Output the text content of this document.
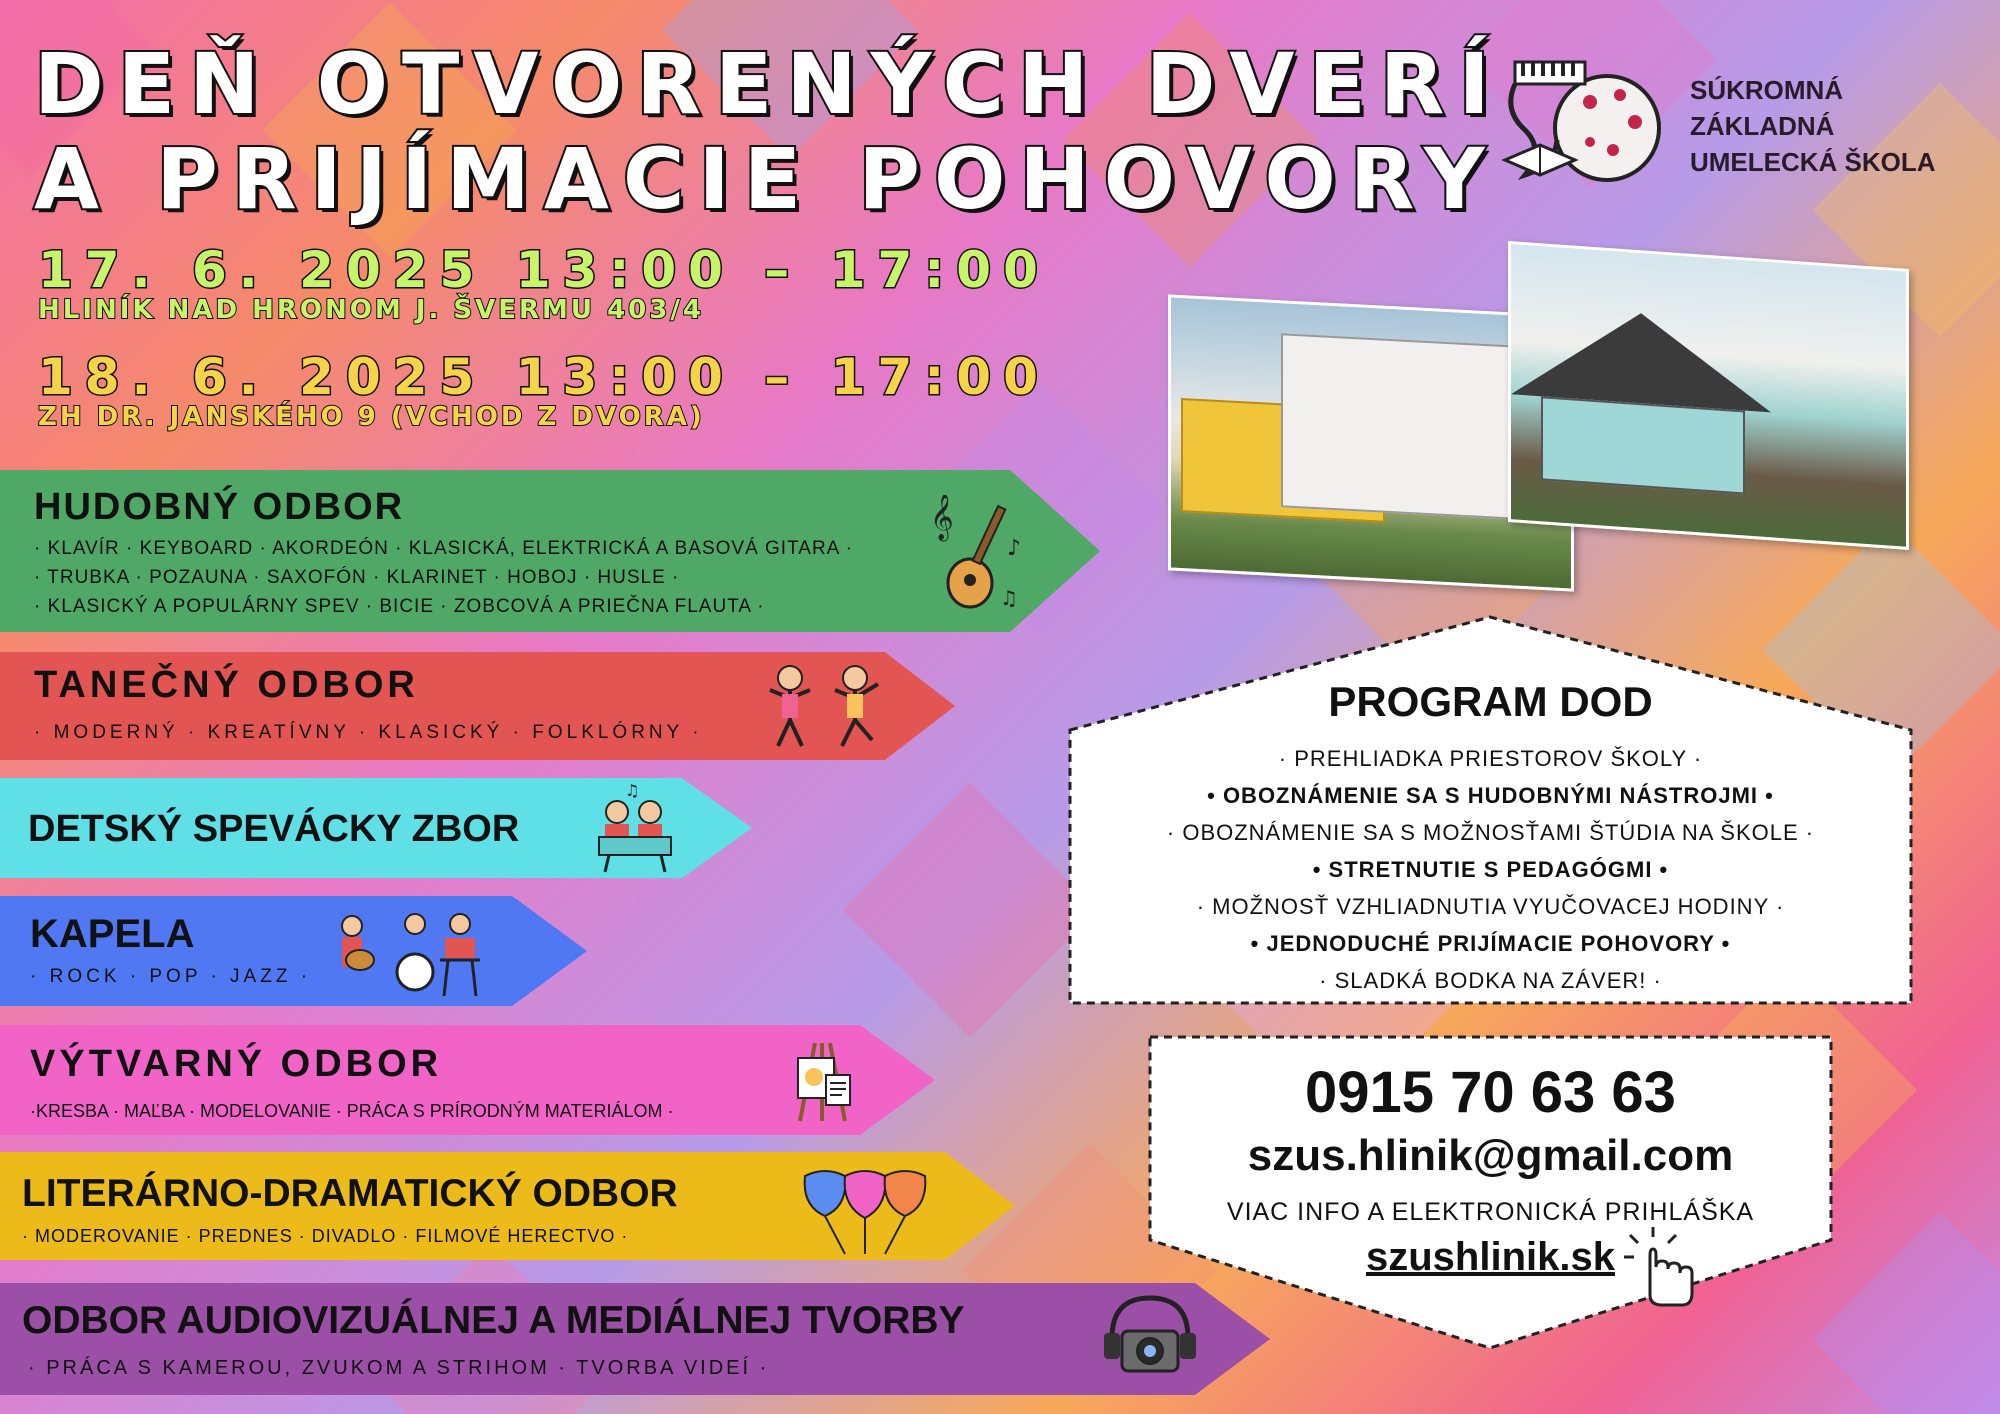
DEŇ OTVORENÝCH DVERÍ
A PRIJÍMACIE POHOVORY
17. 6. 2025 13:00 – 17:00
HLINÍK NAD HRONOM J. ŠVERMU 403/4
18. 6. 2025 13:00 – 17:00
ZH DR. JANSKÉHO 9 (VCHOD Z DVORA)
SÚKROMNÁ
ZÁKLADNÁ
UMELECKÁ ŠKOLA
HUDOBNÝ ODBOR
· KLAVÍR · KEYBOARD · AKORDEÓN · KLASICKÁ, ELEKTRICKÁ A BASOVÁ GITARA ·
· TRUBKA · POZAUNA · SAXOFÓN · KLARINET · HOBOJ · HUSLE ·
· KLASICKÝ A POPULÁRNY SPEV · BICIE · ZOBCOVÁ A PRIEČNA FLAUTA ·
𝄞
♪
♫
TANEČNÝ ODBOR
· MODERNÝ · KREATÍVNY · KLASICKÝ · FOLKLÓRNY ·
DETSKÝ SPEVÁCKY ZBOR
♫
KAPELA
· ROCK · POP · JAZZ ·
VÝTVARNÝ ODBOR
·KRESBA · MAĽBA · MODELOVANIE · PRÁCA S PRÍRODNÝM MATERIÁLOM ·
LITERÁRNO-DRAMATICKÝ ODBOR
· MODEROVANIE · PREDNES · DIVADLO · FILMOVÉ HERECTVO ·
ODBOR AUDIOVIZUÁLNEJ A MEDIÁLNEJ TVORBY
· PRÁCA S KAMEROU, ZVUKOM A STRIHOM · TVORBA VIDEÍ ·
PROGRAM DOD
· PREHLIADKA PRIESTOROV ŠKOLY ·
• OBOZNÁMENIE SA S HUDOBNÝMI NÁSTROJMI •
· OBOZNÁMENIE SA S MOŽNOSŤAMI ŠTÚDIA NA ŠKOLE ·
• STRETNUTIE S PEDAGÓGMI •
· MOŽNOSŤ VZHLIADNUTIA VYUČOVACEJ HODINY ·
• JEDNODUCHÉ PRIJÍMACIE POHOVORY •
· SLADKÁ BODKA NA ZÁVER! ·
0915 70 63 63
szus.hlinik@gmail.com
VIAC INFO A ELEKTRONICKÁ PRIHLÁŠKA
szushlinik.sk
